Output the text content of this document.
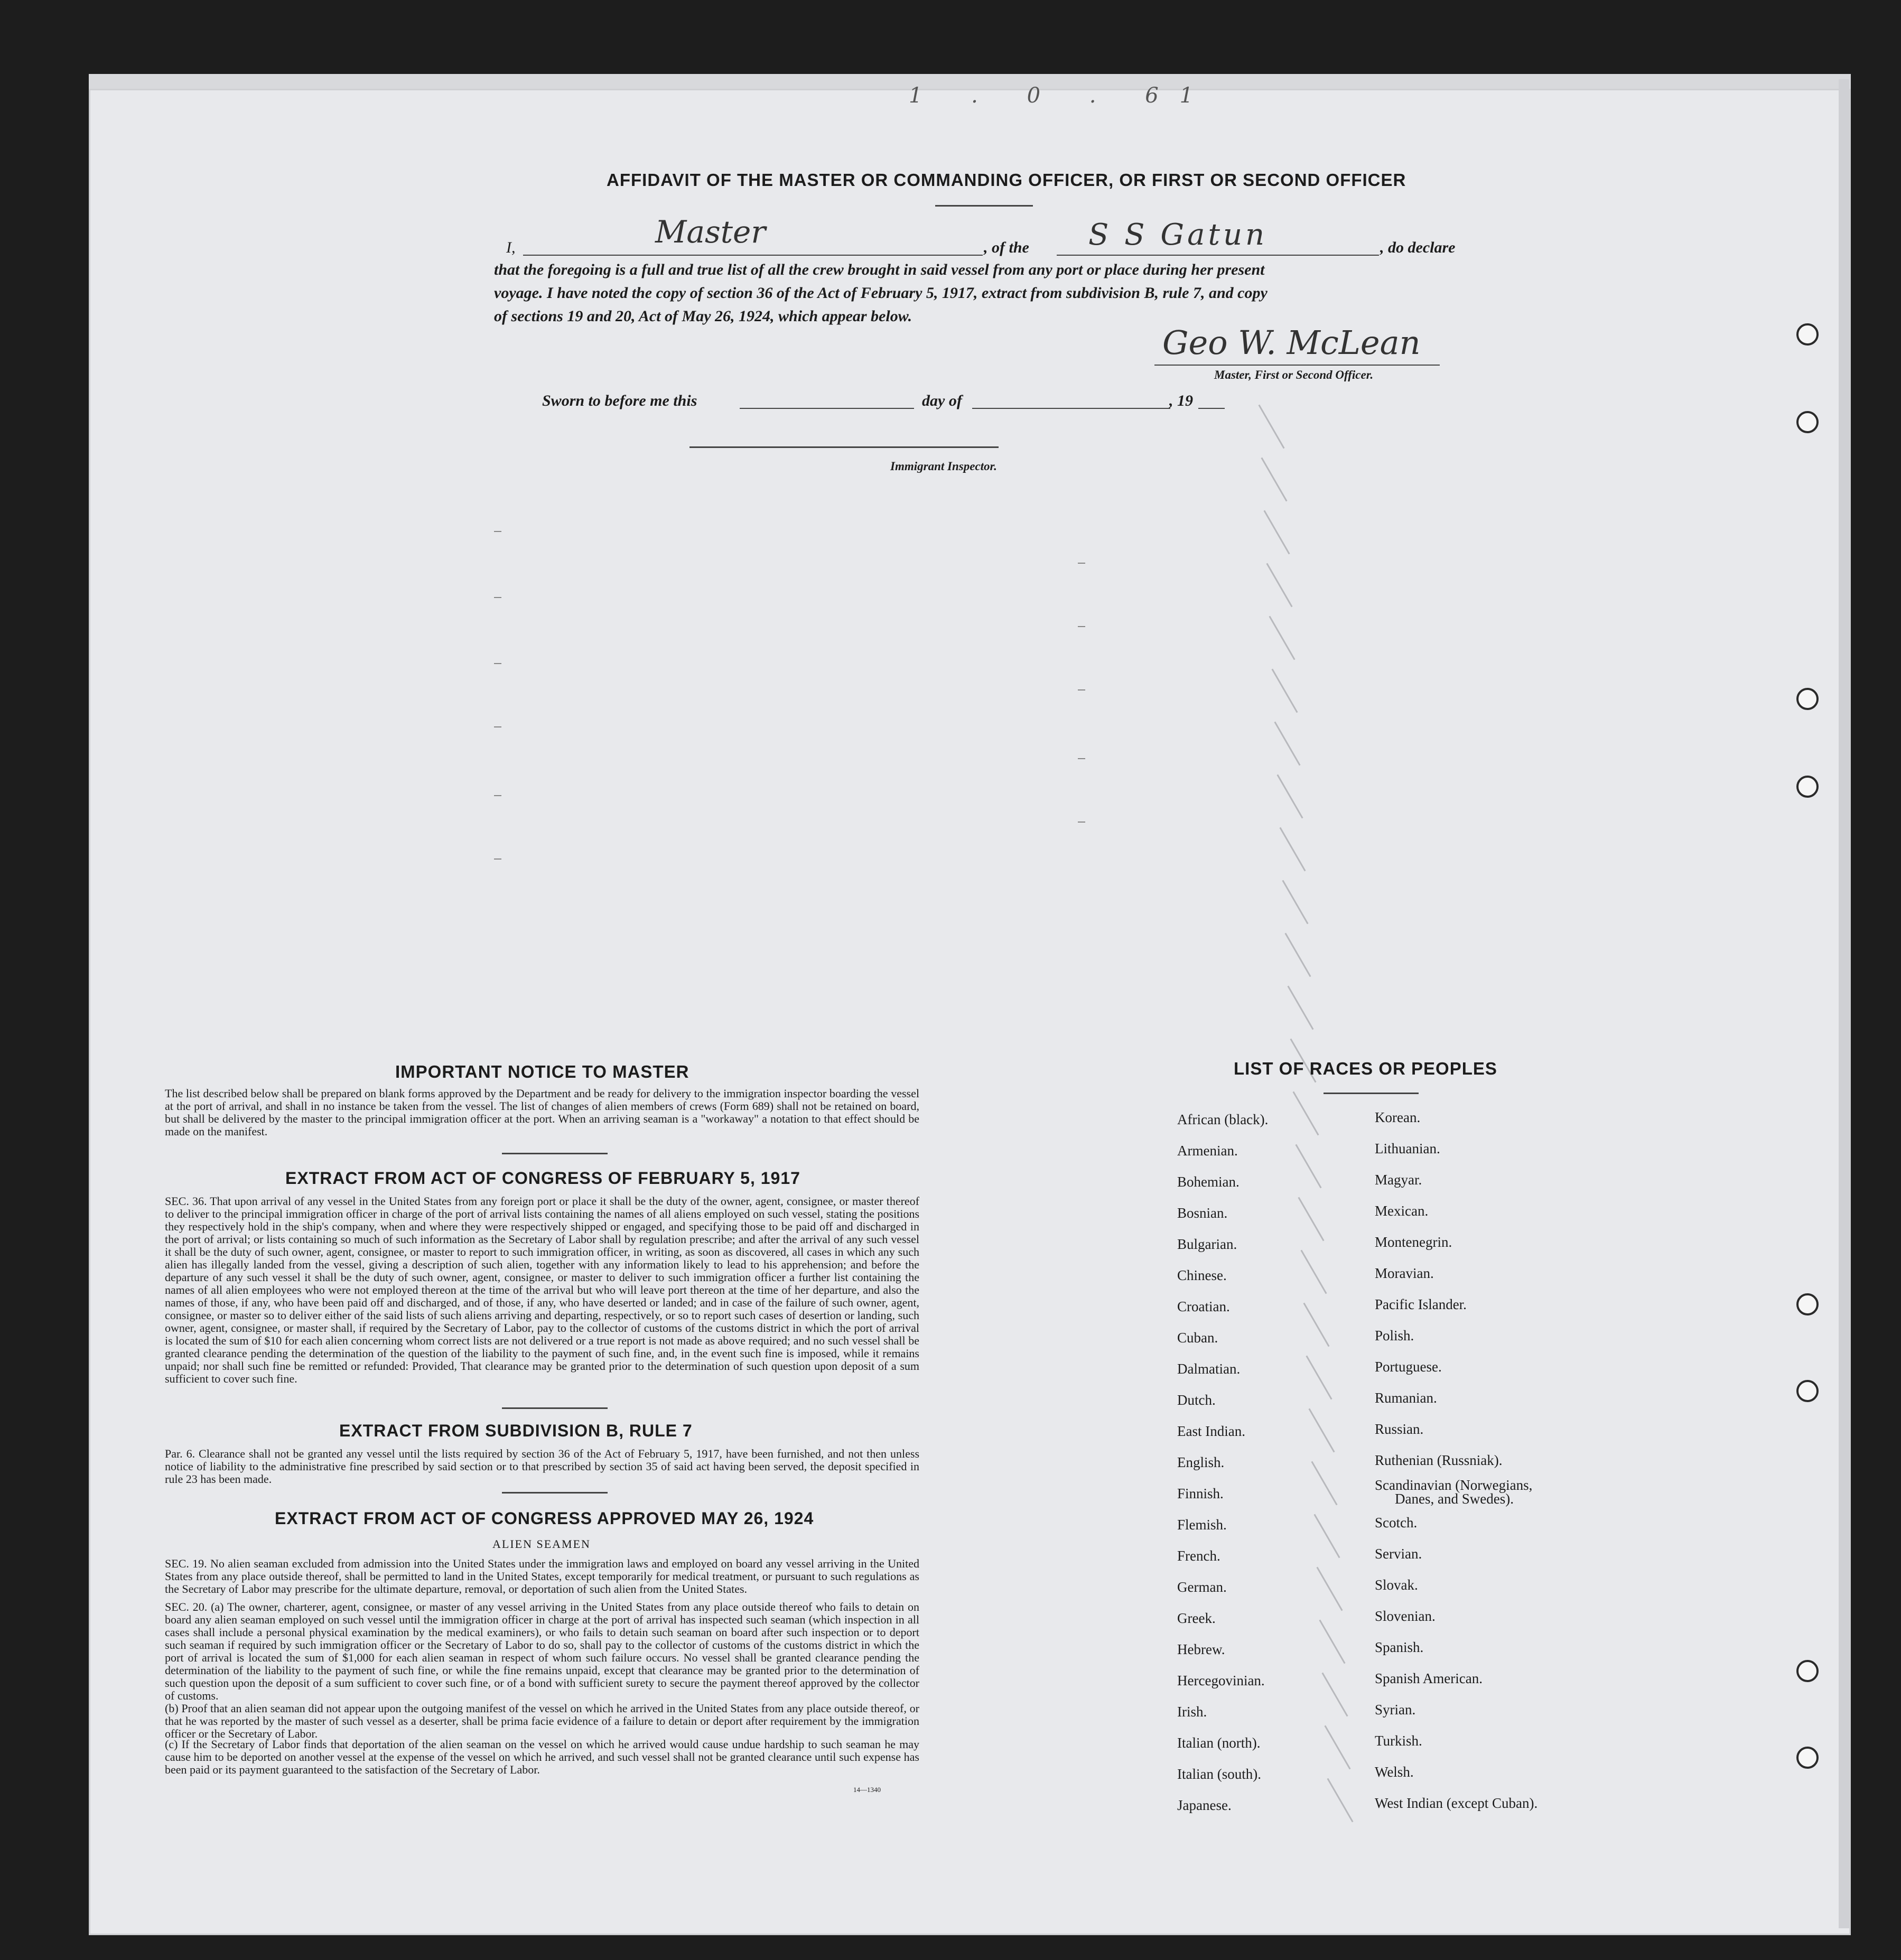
1 . 0 . 61
AFFIDAVIT OF THE MASTER OR COMMANDING OFFICER, OR FIRST OR SECOND OFFICER
I,	Master	, of the S S Gatun	, do declare
that the foregoing is a full and true list of all the crew brought in said vessel from any port or place during her present
voyage. I have noted the copy of section 36 of the Act of February 5, 1917, extract from subdivision B, rule 7, and copy
of sections 19 and 20, Act of May 26, 1924, which appear below.
Geo W. McLean
Master, First or Second Officer.
Sworn to before me this	day of	, 19
Immigrant Inspector.
IMPORTANT NOTICE TO MASTER
The list described below shall be prepared on blank forms approved by the Department and be ready for delivery to the immigration inspector boarding the vessel at the port of arrival, and shall in no instance be taken from the vessel. The list of changes of alien members of crews (Form 689) shall not be retained on board, but shall be delivered by the master to the principal immigration officer at the port. When an arriving seaman is a "workaway" a notation to that effect should be made on the manifest.
EXTRACT FROM ACT OF CONGRESS OF FEBRUARY 5, 1917
SEC. 36. That upon arrival of any vessel in the United States from any foreign port or place it shall be the duty of the owner, agent, consignee, or master thereof to deliver to the principal immigration officer in charge of the port of arrival lists containing the names of all aliens employed on such vessel, stating the positions they respectively hold in the ship's company, when and where they were respectively shipped or engaged, and specifying those to be paid off and discharged in the port of arrival; or lists containing so much of such information as the Secretary of Labor shall by regulation prescribe; and after the arrival of any such vessel it shall be the duty of such owner, agent, consignee, or master to report to such immigration officer, in writing, as soon as discovered, all cases in which any such alien has illegally landed from the vessel, giving a description of such alien, together with any information likely to lead to his apprehension; and before the departure of any such vessel it shall be the duty of such owner, agent, consignee, or master to deliver to such immigration officer a further list containing the names of all alien employees who were not employed thereon at the time of the arrival but who will leave port thereon at the time of her departure, and also the names of those, if any, who have been paid off and discharged, and of those, if any, who have deserted or landed; and in case of the failure of such owner, agent, consignee, or master so to deliver either of the said lists of such aliens arriving and departing, respectively, or so to report such cases of desertion or landing, such owner, agent, consignee, or master shall, if required by the Secretary of Labor, pay to the collector of customs of the customs district in which the port of arrival is located the sum of $10 for each alien concerning whom correct lists are not delivered or a true report is not made as above required; and no such vessel shall be granted clearance pending the determination of the question of the liability to the payment of such fine, and, in the event such fine is imposed, while it remains unpaid; nor shall such fine be remitted or refunded: Provided, That clearance may be granted prior to the determination of such question upon deposit of a sum sufficient to cover such fine.
EXTRACT FROM SUBDIVISION B, RULE 7
Par. 6. Clearance shall not be granted any vessel until the lists required by section 36 of the Act of February 5, 1917, have been furnished, and not then unless notice of liability to the administrative fine prescribed by said section or to that prescribed by section 35 of said act having been served, the deposit specified in rule 23 has been made.
EXTRACT FROM ACT OF CONGRESS APPROVED MAY 26, 1924
ALIEN SEAMEN
SEC. 19. No alien seaman excluded from admission into the United States under the immigration laws and employed on board any vessel arriving in the United States from any place outside thereof, shall be permitted to land in the United States, except temporarily for medical treatment, or pursuant to such regulations as the Secretary of Labor may prescribe for the ultimate departure, removal, or deportation of such alien from the United States.
SEC. 20. (a) The owner, charterer, agent, consignee, or master of any vessel arriving in the United States from any place outside thereof who fails to detain on board any alien seaman employed on such vessel until the immigration officer in charge at the port of arrival has inspected such seaman (which inspection in all cases shall include a personal physical examination by the medical examiners), or who fails to detain such seaman on board after such inspection or to deport such seaman if required by such immigration officer or the Secretary of Labor to do so, shall pay to the collector of customs of the customs district in which the port of arrival is located the sum of $1,000 for each alien seaman in respect of whom such failure occurs. No vessel shall be granted clearance pending the determination of the liability to the payment of such fine, or while the fine remains unpaid, except that clearance may be granted prior to the determination of such question upon the deposit of a sum sufficient to cover such fine, or of a bond with sufficient surety to secure the payment thereof approved by the collector of customs.
(b) Proof that an alien seaman did not appear upon the outgoing manifest of the vessel on which he arrived in the United States from any place outside thereof, or that he was reported by the master of such vessel as a deserter, shall be prima facie evidence of a failure to detain or deport after requirement by the immigration officer or the Secretary of Labor.
(c) If the Secretary of Labor finds that deportation of the alien seaman on the vessel on which he arrived would cause undue hardship to such seaman he may cause him to be deported on another vessel at the expense of the vessel on which he arrived, and such vessel shall not be granted clearance until such expense has been paid or its payment guaranteed to the satisfaction of the Secretary of Labor.
14—1340
LIST OF RACES OR PEOPLES
African (black).
Armenian.
Bohemian.
Bosnian.
Bulgarian.
Chinese.
Croatian.
Cuban.
Dalmatian.
Dutch.
East Indian.
English.
Finnish.
Flemish.
French.
German.
Greek.
Hebrew.
Hercegovinian.
Irish.
Italian (north).
Italian (south).
Japanese.
Korean.
Lithuanian.
Magyar.
Mexican.
Montenegrin.
Moravian.
Pacific Islander.
Polish.
Portuguese.
Rumanian.
Russian.
Ruthenian (Russniak).
Scandinavian (Norwegians,
Danes, and Swedes).
Scotch.
Servian.
Slovak.
Slovenian.
Spanish.
Spanish American.
Syrian.
Turkish.
Welsh.
West Indian (except Cuban).
